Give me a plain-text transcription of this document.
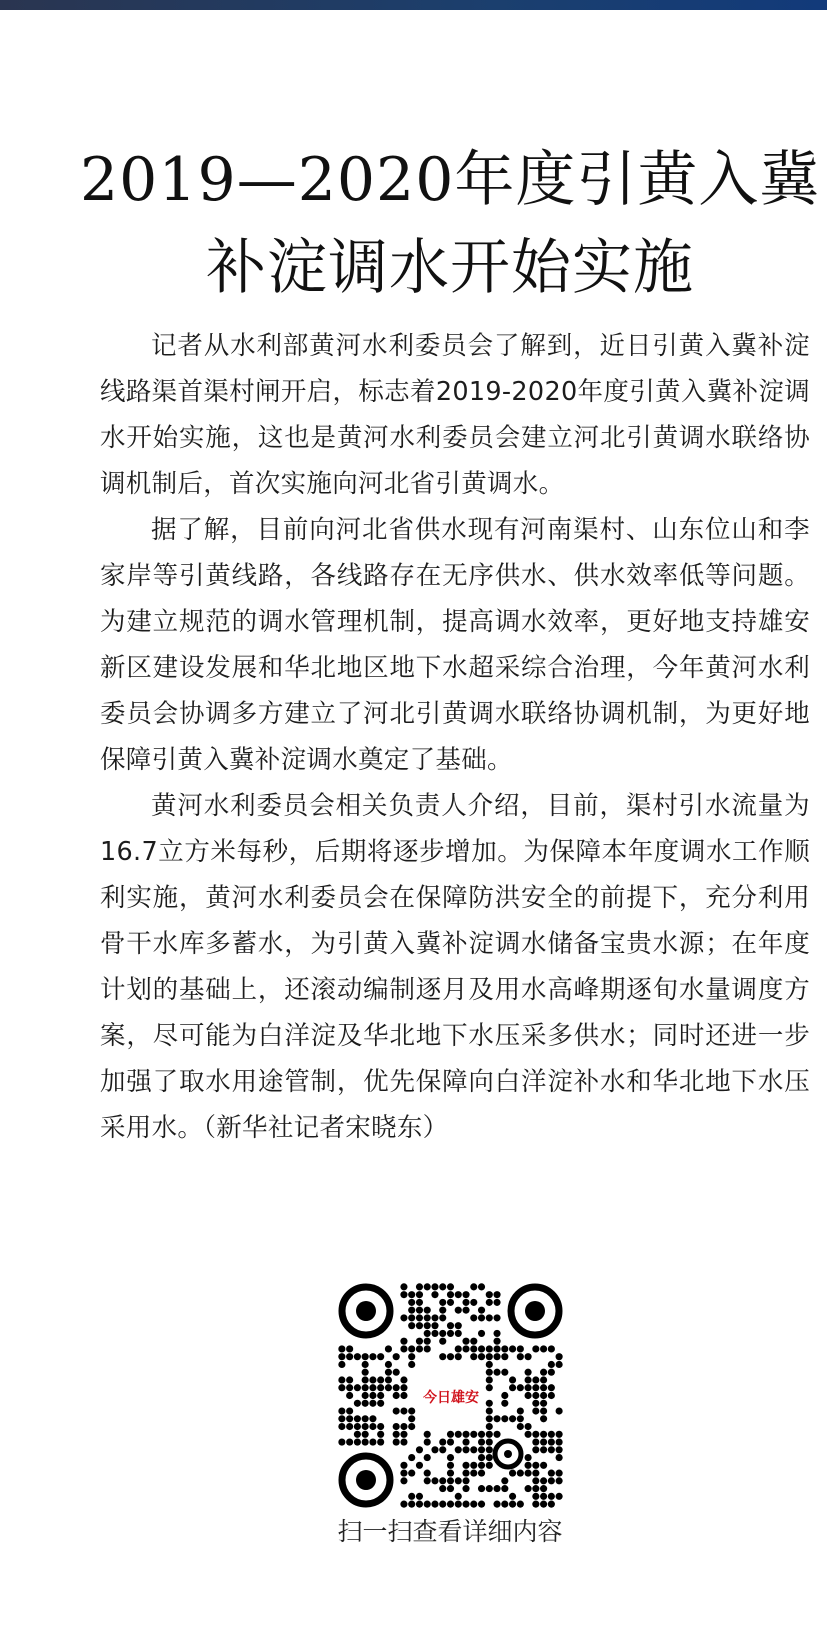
2019—2020年度引黄入冀
补淀调水开始实施

记者从水利部黄河水利委员会了解到，近日引黄入冀补淀线路渠首渠村闸开启，标志着2019-2020年度引黄入冀补淀调水开始实施，这也是黄河水利委员会建立河北引黄调水联络协调机制后，首次实施向河北省引黄调水。

据了解，目前向河北省供水现有河南渠村、山东位山和李家岸等引黄线路，各线路存在无序供水、供水效率低等问题。为建立规范的调水管理机制，提高调水效率，更好地支持雄安新区建设发展和华北地区地下水超采综合治理，今年黄河水利委员会协调多方建立了河北引黄调水联络协调机制，为更好地保障引黄入冀补淀调水奠定了基础。

黄河水利委员会相关负责人介绍，目前，渠村引水流量为16.7立方米每秒，后期将逐步增加。为保障本年度调水工作顺利实施，黄河水利委员会在保障防洪安全的前提下，充分利用骨干水库多蓄水，为引黄入冀补淀调水储备宝贵水源；在年度计划的基础上，还滚动编制逐月及用水高峰期逐旬水量调度方案，尽可能为白洋淀及华北地下水压采多供水；同时还进一步加强了取水用途管制，优先保障向白洋淀补水和华北地下水压采用水。（新华社记者宋晓东）

今日雄安
扫一扫查看详细内容
